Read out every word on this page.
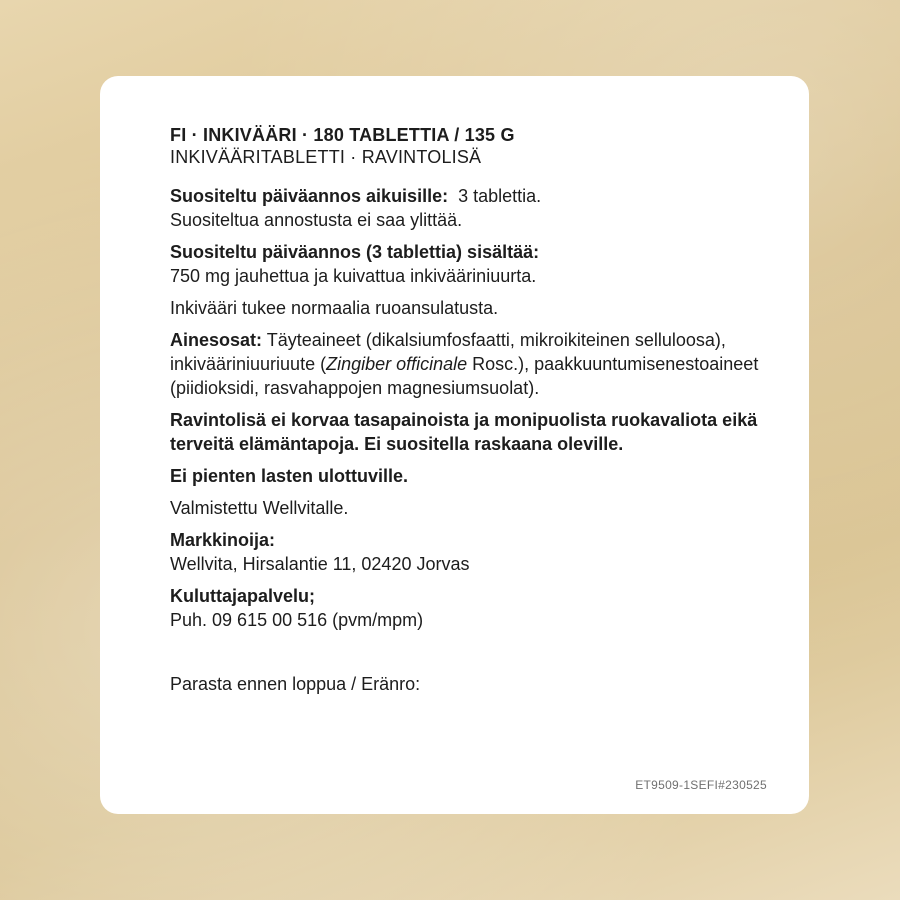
FI · INKIVÄÄRI · 180 TABLETTIA / 135 G
INKIVÄÄRITABLETTI · RAVINTOLISÄ

Suositeltu päiväannos aikuisille: 3 tablettia.
Suositeltua annostusta ei saa ylittää.

Suositeltu päiväannos (3 tablettia) sisältää:
750 mg jauhettua ja kuivattua inkivääriniuurta.

Inkivääri tukee normaalia ruoansulatusta.

Ainesosat: Täyteaineet (dikalsiumfosfaatti, mikroikiteinen selluloosa), inkivääriniuuriuute (Zingiber officinale Rosc.), paakkuuntumisenestoaineet (piidioksidi, rasvahappojen magnesiumsuolat).

Ravintolisä ei korvaa tasapainoista ja monipuolista ruokavaliota eikä terveitä elämäntapoja. Ei suositella raskaana oleville.

Ei pienten lasten ulottuville.

Valmistettu Wellvitalle.

Markkinoija:
Wellvita, Hirsalantie 11, 02420 Jorvas

Kuluttajapalvelu;
Puh. 09 615 00 516 (pvm/mpm)

Parasta ennen loppua / Eränro:

ET9509-1SEFI#230525
